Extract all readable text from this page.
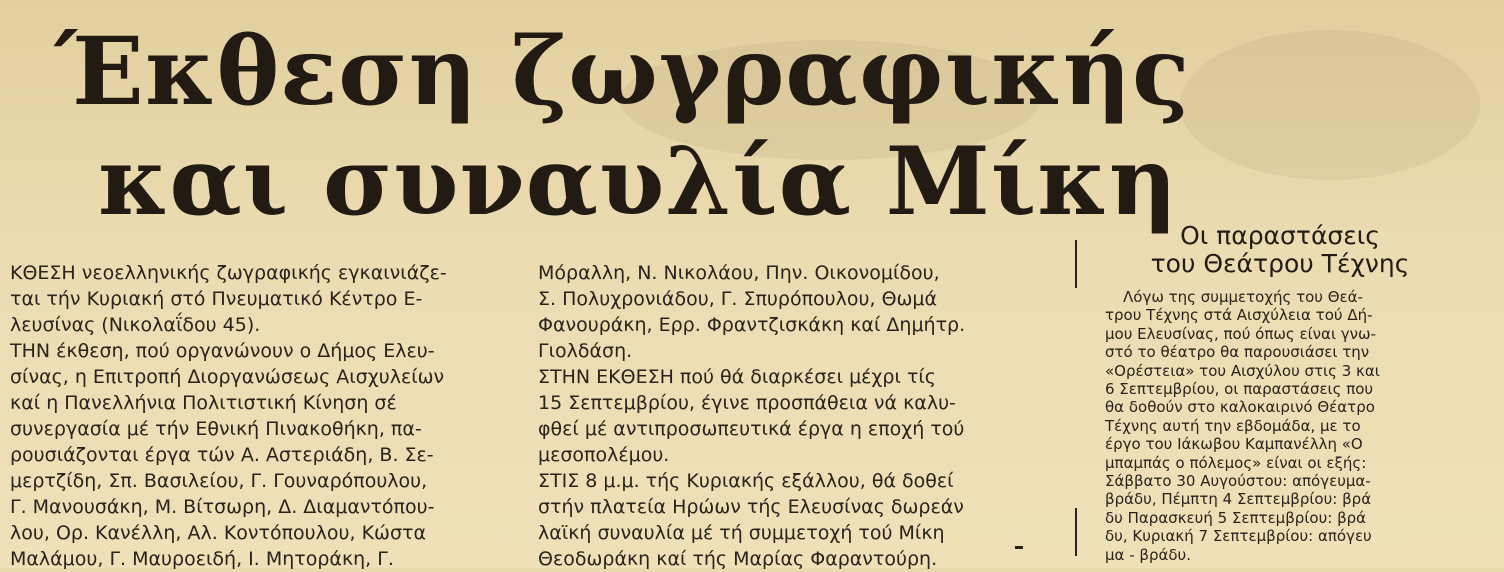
Έκθεση ζωγραφικής
και συναυλία Μίκη

ΚΘΕΣΗ νεοελληνικής ζωγραφικής εγκαινιάζε-

ται τήν Κυριακή στό Πνευματικό Κέντρο Ε-

λευσίνας (Νικολαΐδου 45).

ΤΗΝ έκθεση, πού οργανώνουν ο Δήμος Ελευ-

σίνας, η Επιτροπή Διοργανώσεως Αισχυλείων

καί η Πανελλήνια Πολιτιστική Κίνηση σέ

συνεργασία μέ τήν Εθνική Πινακοθήκη, πα-

ρουσιάζονται έργα τών Α. Αστεριάδη, Β. Σε-

μερτζίδη, Σπ. Βασιλείου, Γ. Γουναρόπουλου,

Γ. Μανουσάκη, Μ. Βίτσωρη, Δ. Διαμαντόπου-

λου, Ορ. Κανέλλη, Αλ. Κοντόπουλου, Κώστα

Μαλάμου, Γ. Μαυροειδή, Ι. Μητοράκη, Γ.

Μόραλλη, Ν. Νικολάου, Πην. Οικονομίδου,

Σ. Πολυχρονιάδου, Γ. Σπυρόπουλου, Θωμά

Φανουράκη, Ερρ. Φραντζισκάκη καί Δημήτρ.

Γιολδάση.

ΣΤΗΝ ΕΚΘΕΣΗ πού θά διαρκέσει μέχρι τίς

15 Σεπτεμβρίου, έγινε προσπάθεια νά καλυ-

φθεί μέ αντιπροσωπευτικά έργα η εποχή τού

μεσοπολέμου.

ΣΤΙΣ 8 μ.μ. τής Κυριακής εξάλλου, θά δοθεί

στήν πλατεία Ηρώων τής Ελευσίνας δωρεάν

λαϊκή συναυλία μέ τή συμμετοχή τού Μίκη

Θεοδωράκη καί τής Μαρίας Φαραντούρη.

Οι παραστάσεις
του Θεάτρου Τέχνης

Λόγω της συμμετοχής του Θεά-

τρου Τέχνης στά Αισχύλεια τού Δή-

μου Ελευσίνας, πού όπως είναι γνω-

στό το θέατρο θα παρουσιάσει την

«Ορέστεια» του Αισχύλου στις 3 και

6 Σεπτεμβρίου, οι παραστάσεις που

θα δοθούν στο καλοκαιρινό Θέατρο

Τέχνης αυτή την εβδομάδα, με το

έργο του Ιάκωβου Καμπανέλλη «Ο

μπαμπάς ο πόλεμος» είναι οι εξής:

Σάββατο 30 Αυγούστου: απόγευμα-

βράδυ, Πέμπτη 4 Σεπτεμβρίου: βρά

δυ Παρασκευή 5 Σεπτεμβρίου: βρά

δυ, Κυριακή 7 Σεπτεμβρίου: απόγευ

μα - βράδυ.
